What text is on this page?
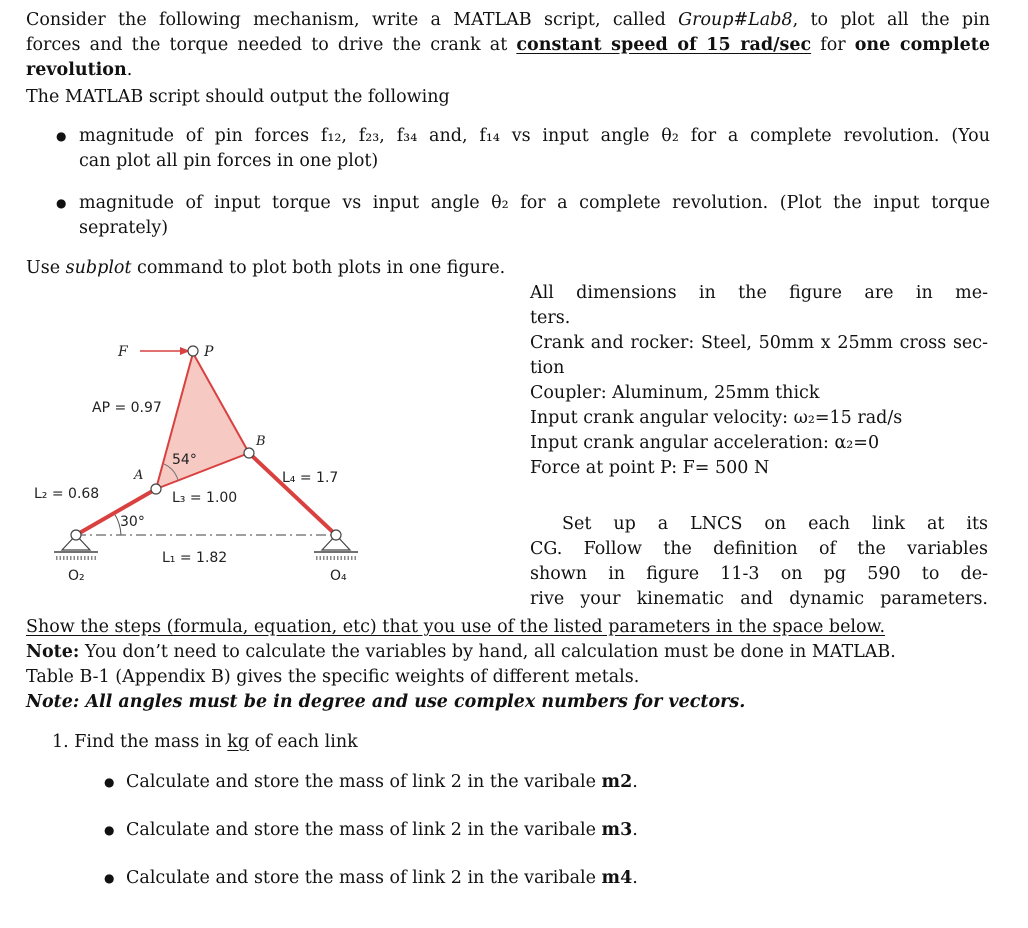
Consider the following mechanism, write a MATLAB script, called Group#Lab8, to plot all the pin
forces and the torque needed to drive the crank at constant speed of 15 rad/sec for one complete
revolution.
The MATLAB script should output the following
● magnitude of pin forces f₁₂, f₂₃, f₃₄ and, f₁₄ vs input angle θ₂ for a complete revolution. (You
can plot all pin forces in one plot)
● magnitude of input torque vs input angle θ₂ for a complete revolution. (Plot the input torque
seprately)
Use subplot command to plot both plots in one figure.
All dimensions in the figure are in me-
ters.
Crank and rocker: Steel, 50mm x 25mm cross sec-
tion
Coupler: Aluminum, 25mm thick
Input crank angular velocity: ω₂=15 rad/s
Input crank angular acceleration: α₂=0
Force at point P: F= 500 N
Set up a LNCS on each link at its
CG. Follow the definition of the variables
shown in figure 11-3 on pg 590 to de-
rive your kinematic and dynamic parameters.
F	P
AP = 0.97
B
54°
A	L₄ = 1.7
L₂ = 0.68	L₃ = 1.00
30°
L₁ = 1.82
O₂	O₄
Show the steps (formula, equation, etc) that you use of the listed parameters in the space below.
Note: You don’t need to calculate the variables by hand, all calculation must be done in MATLAB.
Table B-1 (Appendix B) gives the specific weights of different metals.
Note: All angles must be in degree and use complex numbers for vectors.
1. Find the mass in kg of each link
● Calculate and store the mass of link 2 in the varibale m2.
● Calculate and store the mass of link 2 in the varibale m3.
● Calculate and store the mass of link 2 in the varibale m4.
